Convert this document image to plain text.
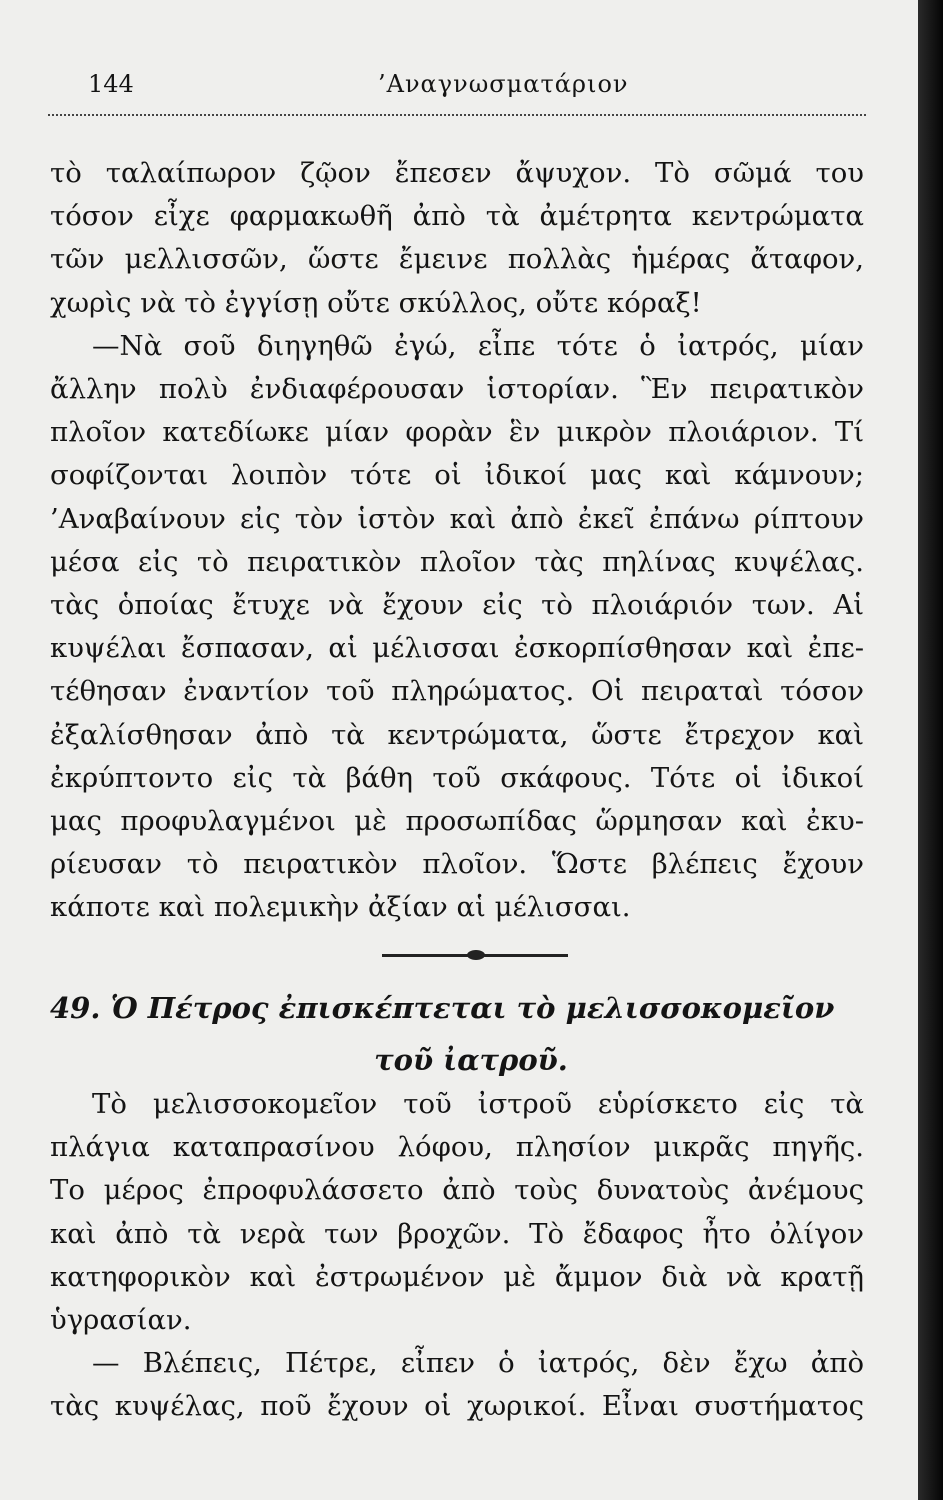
144	’Αναγνωσματάριον
τὸ ταλαίπωρον ζῷον ἔπεσεν ἄψυχον. Τὸ σῶμά του
τόσον εἶχε φαρμακωθῆ ἀπὸ τὰ ἀμέτρητα κεντρώματα
τῶν μελλισσῶν, ὥστε ἔμεινε πολλὰς ἡμέρας ἄταφον,
χωρὶς νὰ τὸ ἐγγίσῃ οὔτε σκύλλος, οὔτε κόραξ!
—Νὰ σοῦ διηγηθῶ ἐγώ, εἶπε τότε ὁ ἰατρός, μίαν
ἄλλην πολὺ ἐνδιαφέρουσαν ἱστορίαν. Ἓν πειρατικὸν
πλοῖον κατεδίωκε μίαν φορὰν ἓν μικρὸν πλοιάριον. Τί
σοφίζονται λοιπὸν τότε οἱ ἰδικοί μας καὶ κάμνουν;
’Αναβαίνουν εἰς τὸν ἱστὸν καὶ ἀπὸ ἐκεῖ ἐπάνω ρίπτουν
μέσα εἰς τὸ πειρατικὸν πλοῖον τὰς πηλίνας κυψέλας.
τὰς ὁποίας ἔτυχε νὰ ἔχουν εἰς τὸ πλοιάριόν των. Αἱ
κυψέλαι ἔσπασαν, αἱ μέλισσαι ἐσκορπίσθησαν καὶ ἐπε-
τέθησαν ἐναντίον τοῦ πληρώματος. Οἱ πειραταὶ τόσον
ἐξαλίσθησαν ἀπὸ τὰ κεντρώματα, ὥστε ἔτρεχον καὶ
ἐκρύπτοντο εἰς τὰ βάθη τοῦ σκάφους. Τότε οἱ ἰδικοί
μας προφυλαγμένοι μὲ προσωπίδας ὥρμησαν καὶ ἐκυ-
ρίευσαν τὸ πειρατικὸν πλοῖον. Ὥστε βλέπεις ἔχουν
κάποτε καὶ πολεμικὴν ἀξίαν αἱ μέλισσαι.
49. Ὁ Πέτρος ἐπισκέπτεται τὸ μελισσοκομεῖον
τοῦ ἰατροῦ.
Τὸ μελισσοκομεῖον τοῦ ἰστροῦ εὑρίσκετο εἰς τὰ
πλάγια καταπρασίνου λόφου, πλησίον μικρᾶς πηγῆς.
Το μέρος ἐπροφυλάσσετο ἀπὸ τοὺς δυνατοὺς ἀνέμους
καὶ ἀπὸ τὰ νερὰ των βροχῶν. Τὸ ἔδαφος ἦτο ὀλίγον
κατηφορικὸν καὶ ἐστρωμένον μὲ ἄμμον διὰ νὰ κρατῇ
ὑγρασίαν.
— Βλέπεις, Πέτρε, εἶπεν ὁ ἰατρός, δὲν ἔχω ἀπὸ
τὰς κυψέλας, ποῦ ἔχουν οἱ χωρικοί. Εἶναι συστήματος
